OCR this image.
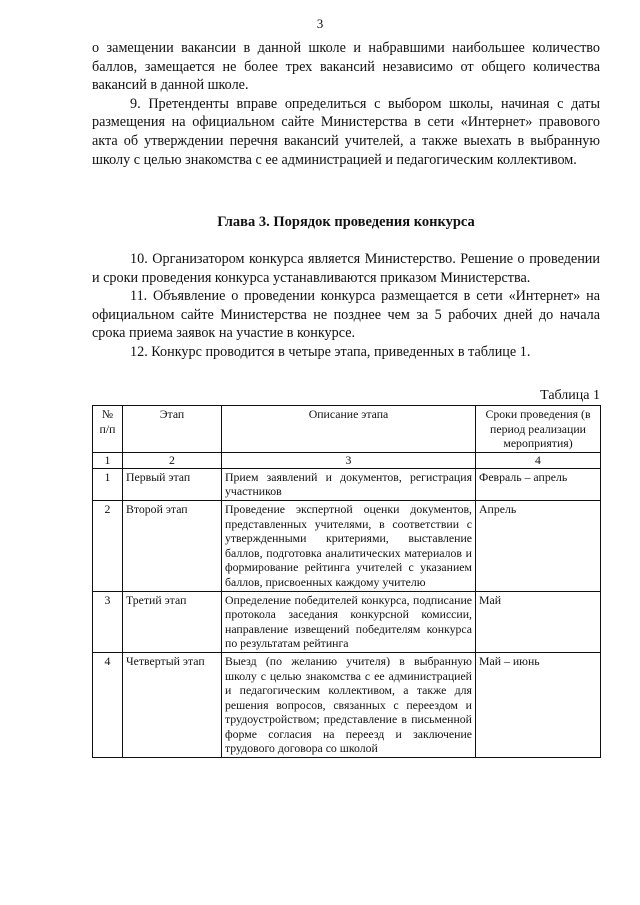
3

о замещении вакансии в данной школе и набравшими наибольшее количество баллов, замещается не более трех вакансий независимо от общего количества вакансий в данной школе.

9. Претенденты вправе определиться с выбором школы, начиная с даты размещения на официальном сайте Министерства в сети «Интернет» правового акта об утверждении перечня вакансий учителей, а также выехать в выбранную школу с целью знакомства с ее администрацией и педагогическим коллективом.

Глава 3. Порядок проведения конкурса

10. Организатором конкурса является Министерство. Решение о проведении и сроки проведения конкурса устанавливаются приказом Министерства.

11. Объявление о проведении конкурса размещается в сети «Интернет» на официальном сайте Министерства не позднее чем за 5 рабочих дней до начала срока приема заявок на участие в конкурсе.

12. Конкурс проводится в четыре этапа, приведенных в таблице 1.

Таблица 1
№ п/п	Этап	Описание этапа	Сроки проведения (в период реализации мероприятия)
1	2	3	4
1	Первый этап	Прием заявлений и документов, регистрация участников	Февраль – апрель
2	Второй этап	Проведение экспертной оценки документов, представленных учителями, в соответствии с утвержденными критериями, выставление баллов, подготовка аналитических материалов и формирование рейтинга учителей с указанием баллов, присвоенных каждому учителю	Апрель
3	Третий этап	Определение победителей конкурса, подписание протокола заседания конкурсной комиссии, направление извещений победителям конкурса по результатам рейтинга	Май
4	Четвертый этап	Выезд (по желанию учителя) в выбранную школу с целью знакомства с ее администрацией и педагогическим коллективом, а также для решения вопросов, связанных с переездом и трудоустройством; представление в письменной форме согласия на переезд и заключение трудового договора со школой	Май – июнь
